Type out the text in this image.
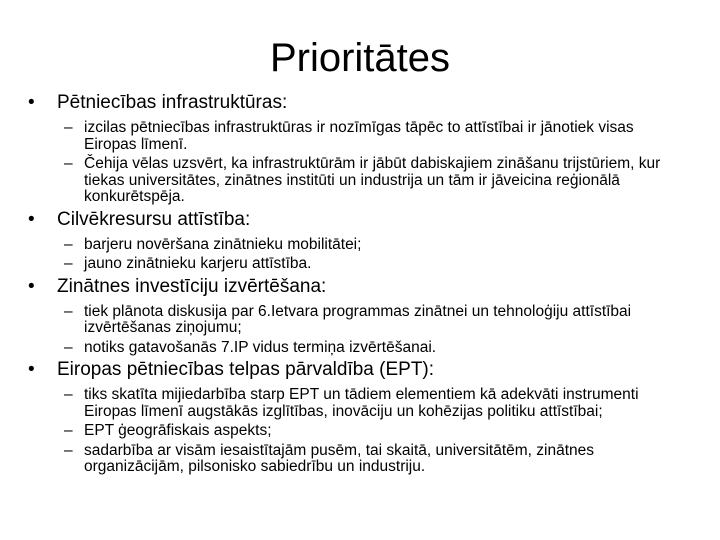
Prioritātes
•	Pētniecības infrastruktūras:
– izcilas pētniecības infrastruktūras ir nozīmīgas tāpēc to attīstībai ir jānotiek visas Eiropas līmenī.
– Čehija vēlas uzsvērt, ka infrastruktūrām ir jābūt dabiskajiem zināšanu trijstūriem, kur tiekas universitātes, zinātnes institūti un industrija un tām ir jāveicina reģionālā konkurētspēja.
•	Cilvēkresursu attīstība:
– barjeru novēršana zinātnieku mobilitātei;
– jauno zinātnieku karjeru attīstība.
•	Zinātnes investīciju izvērtēšana:
– tiek plānota diskusija par 6.Ietvara programmas zinātnei un tehnoloģiju attīstībai izvērtēšanas ziņojumu;
– notiks gatavošanās 7.IP vidus termiņa izvērtēšanai.
•	Eiropas pētniecības telpas pārvaldība (EPT):
– tiks skatīta mijiedarbība starp EPT un tādiem elementiem kā adekvāti instrumenti Eiropas līmenī augstākās izglītības, inovāciju un kohēzijas politiku attīstībai;
– EPT ģeogrāfiskais aspekts;
– sadarbība ar visām iesaistītajām pusēm, tai skaitā, universitātēm, zinātnes organizācijām, pilsonisko sabiedrību un industriju.
